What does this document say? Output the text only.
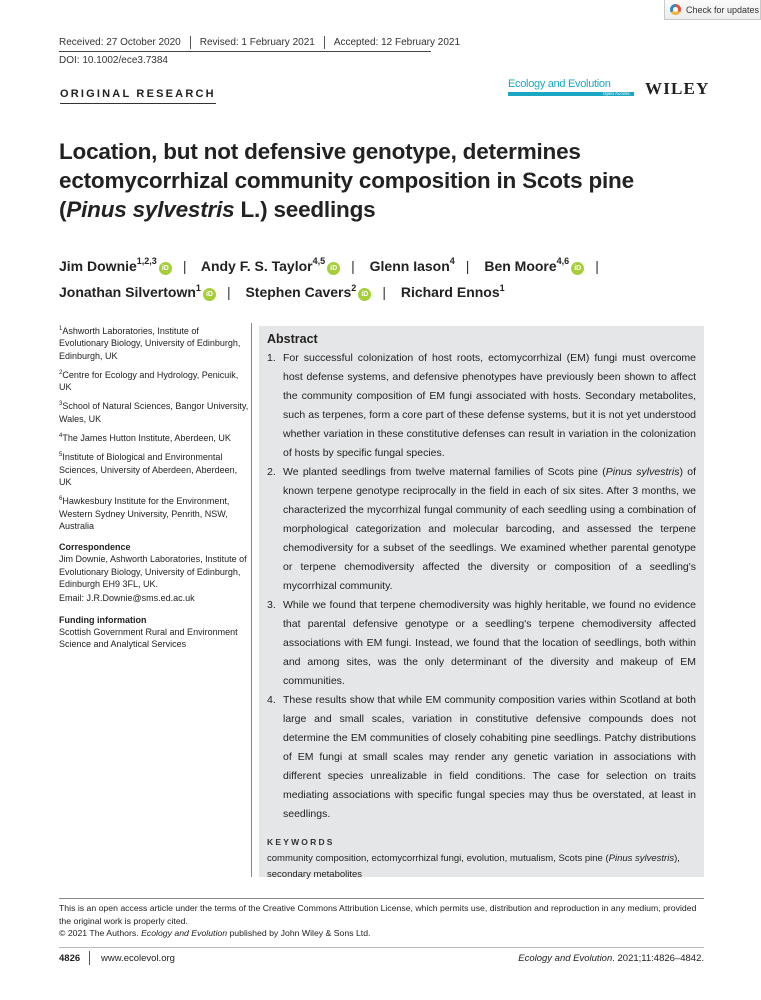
Check for updates
Received: 27 October 2020	Revised: 1 February 2021	Accepted: 12 February 2021
DOI: 10.1002/ece3.7384
ORIGINAL RESEARCH
Ecology and Evolution
Open Access WILEY
Location, but not defensive genotype, determines ectomycorrhizal community composition in Scots pine (Pinus sylvestris L.) seedlings
Jim Downie$^{1,2,3}$iD | Andy F. S. Taylor$^{4,5}$iD | Glenn Iason$^4$ | Ben Moore$^{4,6}$iD |
Jonathan Silvertown$^1$iD | Stephen Cavers$^2$iD | Richard Ennos$^1$
$^1$Ashworth Laboratories, Institute of Evolutionary Biology, University of Edinburgh, Edinburgh, UK
$^2$Centre for Ecology and Hydrology, Penicuik, UK
$^3$School of Natural Sciences, Bangor University, Wales, UK
$^4$The James Hutton Institute, Aberdeen, UK
$^5$Institute of Biological and Environmental Sciences, University of Aberdeen, Aberdeen, UK
$^6$Hawkesbury Institute for the Environment, Western Sydney University, Penrith, NSW, Australia
Correspondence
Jim Downie, Ashworth Laboratories, Institute of Evolutionary Biology, University of Edinburgh, Edinburgh EH9 3FL, UK.
Email: J.R.Downie@sms.ed.ac.uk
Funding information
Scottish Government Rural and Environment Science and Analytical Services
Abstract
1. For successful colonization of host roots, ectomycorrhizal (EM) fungi must overcome host defense systems, and defensive phenotypes have previously been shown to affect the community composition of EM fungi associated with hosts. Secondary metabolites, such as terpenes, form a core part of these defense systems, but it is not yet understood whether variation in these constitutive defenses can result in variation in the colonization of hosts by specific fungal species.
2. We planted seedlings from twelve maternal families of Scots pine (Pinus sylvestris) of known terpene genotype reciprocally in the field in each of six sites. After 3 months, we characterized the mycorrhizal fungal community of each seedling using a combination of morphological categorization and molecular barcoding, and assessed the terpene chemodiversity for a subset of the seedlings. We examined whether parental genotype or terpene chemodiversity affected the diversity or composition of a seedling's mycorrhizal community.
3. While we found that terpene chemodiversity was highly heritable, we found no evidence that parental defensive genotype or a seedling's terpene chemodiversity affected associations with EM fungi. Instead, we found that the location of seedlings, both within and among sites, was the only determinant of the diversity and makeup of EM communities.
4. These results show that while EM community composition varies within Scotland at both large and small scales, variation in constitutive defensive compounds does not determine the EM communities of closely cohabiting pine seedlings. Patchy distributions of EM fungi at small scales may render any genetic variation in associations with different species unrealizable in field conditions. The case for selection on traits mediating associations with specific fungal species may thus be overstated, at least in seedlings.
KEYWORDS
community composition, ectomycorrhizal fungi, evolution, mutualism, Scots pine (Pinus sylvestris), secondary metabolites
This is an open access article under the terms of the Creative Commons Attribution License, which permits use, distribution and reproduction in any medium, provided the original work is properly cited.
© 2021 The Authors. Ecology and Evolution published by John Wiley & Sons Ltd.
4826 www.ecolevol.org	Ecology and Evolution. 2021;11:4826–4842.
